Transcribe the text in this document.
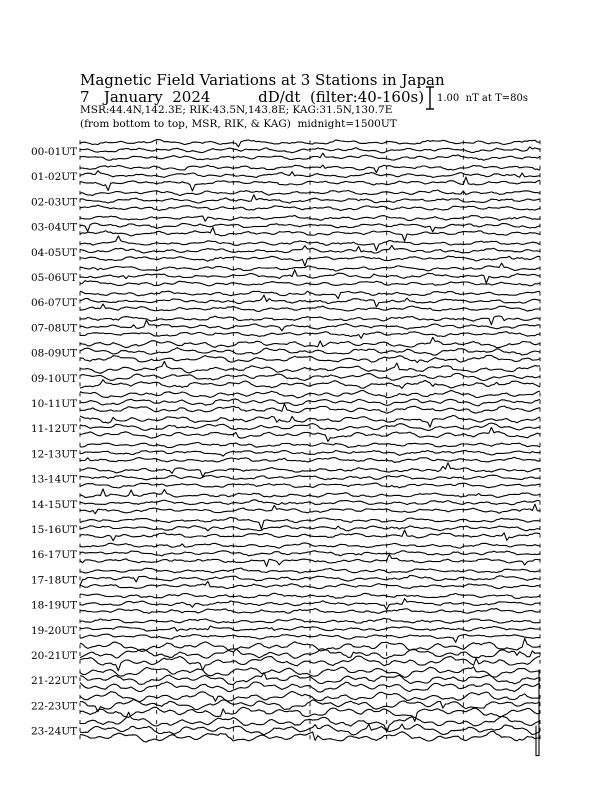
Magnetic Field Variations at 3 Stations in Japan
7   January  2024          dD/dt  (filter:40-160s)
MSR:44.4N,142.3E; RIK:43.5N,143.8E; KAG:31.5N,130.7E
(from bottom to top, MSR, RIK, & KAG)  midnight=1500UT
1.00  nT at T=80s
00-01UT
01-02UT
02-03UT
03-04UT
04-05UT
05-06UT
06-07UT
07-08UT
08-09UT
09-10UT
10-11UT
11-12UT
12-13UT
13-14UT
14-15UT
15-16UT
16-17UT
17-18UT
18-19UT
19-20UT
20-21UT
21-22UT
22-23UT
23-24UT
